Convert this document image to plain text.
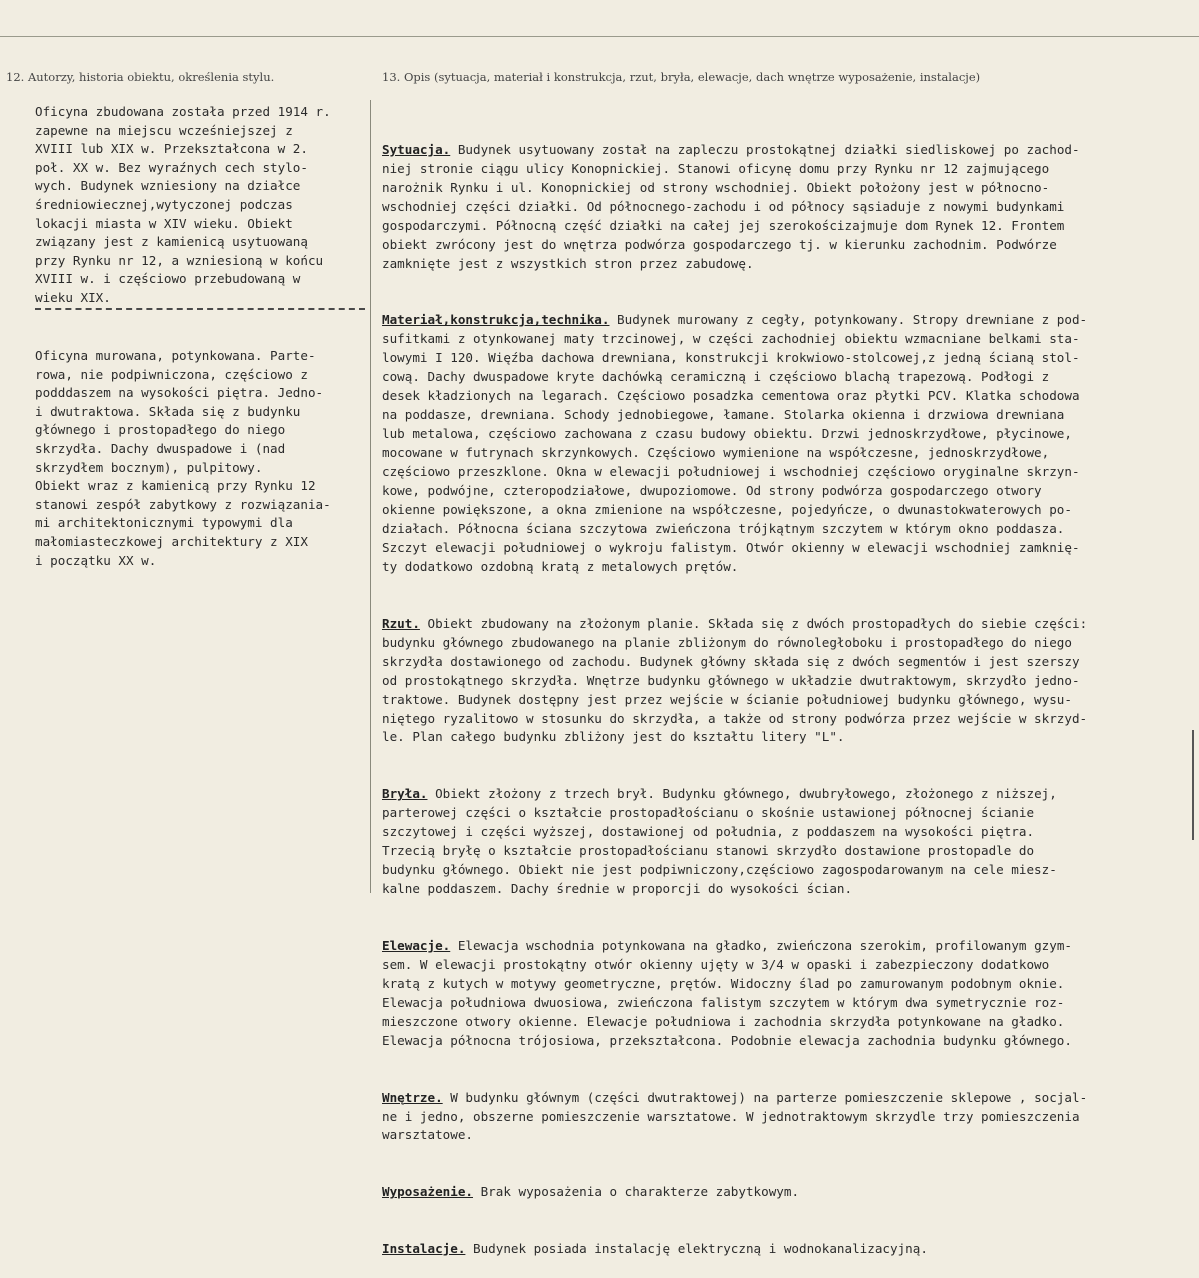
12. Autorzy, historia obiektu, określenia stylu.	13. Opis (sytuacja, materiał i konstrukcja, rzut, bryła, elewacje, dach wnętrze wyposażenie, instalacje)
Oficyna zbudowana została przed 1914 r.
zapewne na miejscu wcześniejszej z
XVIII lub XIX w. Przekształcona w 2.
poł. XX w. Bez wyraźnych cech stylo-
wych. Budynek wzniesiony na działce
średniowiecznej,wytyczonej podczas
lokacji miasta w XIV wieku. Obiekt
związany jest z kamienicą usytuowaną
przy Rynku nr 12, a wzniesioną w końcu
XVIII w. i częściowo przebudowaną w
wieku XIX.
Oficyna murowana, potynkowana. Parte-
rowa, nie podpiwniczona, częściowo z
podddaszem na wysokości piętra. Jedno-
i dwutraktowa. Składa się z budynku
głównego i prostopadłego do niego
skrzydła. Dachy dwuspadowe i (nad
skrzydłem bocznym), pulpitowy.
Obiekt wraz z kamienicą przy Rynku 12
stanowi zespół zabytkowy z rozwiązania-
mi architektonicznymi typowymi dla
małomiasteczkowej architektury z XIX
i początku XX w.

Sytuacja. Budynek usytuowany został na zapleczu prostokątnej działki siedliskowej po zachod-
niej stronie ciągu ulicy Konopnickiej. Stanowi oficynę domu przy Rynku nr 12 zajmującego
narożnik Rynku i ul. Konopnickiej od strony wschodniej. Obiekt położony jest w północno-
wschodniej części działki. Od północnego-zachodu i od północy sąsiaduje z nowymi budynkami
gospodarczymi. Północną część działki na całej jej szerokościzajmuje dom Rynek 12. Frontem
obiekt zwrócony jest do wnętrza podwórza gospodarczego tj. w kierunku zachodnim. Podwórze
zamknięte jest z wszystkich stron przez zabudowę.

Materiał,konstrukcja,technika. Budynek murowany z cegły, potynkowany. Stropy drewniane z pod-
sufitkami z otynkowanej maty trzcinowej, w części zachodniej obiektu wzmacniane belkami sta-
lowymi I 120. Więźba dachowa drewniana, konstrukcji krokwiowo-stolcowej,z jedną ścianą stol-
cową. Dachy dwuspadowe kryte dachówką ceramiczną i częściowo blachą trapezową. Podłogi z
desek kładzionych na legarach. Częściowo posadzka cementowa oraz płytki PCV. Klatka schodowa
na poddasze, drewniana. Schody jednobiegowe, łamane. Stolarka okienna i drzwiowa drewniana
lub metalowa, częściowo zachowana z czasu budowy obiektu. Drzwi jednoskrzydłowe, płycinowe,
mocowane w futrynach skrzynkowych. Częściowo wymienione na współczesne, jednoskrzydłowe,
częściowo przeszklone. Okna w elewacji południowej i wschodniej częściowo oryginalne skrzyn-
kowe, podwójne, czteropodziałowe, dwupoziomowe. Od strony podwórza gospodarczego otwory
okienne powiększone, a okna zmienione na współczesne, pojedyńcze, o dwunastokwaterowych po-
działach. Północna ściana szczytowa zwieńczona trójkątnym szczytem w którym okno poddasza.
Szczyt elewacji południowej o wykroju falistym. Otwór okienny w elewacji wschodniej zamknię-
ty dodatkowo ozdobną kratą z metalowych prętów.

Rzut. Obiekt zbudowany na złożonym planie. Składa się z dwóch prostopadłych do siebie części:
budynku głównego zbudowanego na planie zbliżonym do równoległoboku i prostopadłego do niego
skrzydła dostawionego od zachodu. Budynek główny składa się z dwóch segmentów i jest szerszy
od prostokątnego skrzydła. Wnętrze budynku głównego w układzie dwutraktowym, skrzydło jedno-
traktowe. Budynek dostępny jest przez wejście w ścianie południowej budynku głównego, wysu-
niętego ryzalitowo w stosunku do skrzydła, a także od strony podwórza przez wejście w skrzyd-
le. Plan całego budynku zbliżony jest do kształtu litery "L".

Bryła. Obiekt złożony z trzech brył. Budynku głównego, dwubryłowego, złożonego z niższej,
parterowej części o kształcie prostopadłościanu o skośnie ustawionej północnej ścianie
szczytowej i części wyższej, dostawionej od południa, z poddaszem na wysokości piętra.
Trzecią bryłę o kształcie prostopadłościanu stanowi skrzydło dostawione prostopadle do
budynku głównego. Obiekt nie jest podpiwniczony,częściowo zagospodarowanym na cele miesz-
kalne poddaszem. Dachy średnie w proporcji do wysokości ścian.

Elewacje. Elewacja wschodnia potynkowana na gładko, zwieńczona szerokim, profilowanym gzym-
sem. W elewacji prostokątny otwór okienny ujęty w 3/4 w opaski i zabezpieczony dodatkowo
kratą z kutych w motywy geometryczne, prętów. Widoczny ślad po zamurowanym podobnym oknie.
Elewacja południowa dwuosiowa, zwieńczona falistym szczytem w którym dwa symetrycznie roz-
mieszczone otwory okienne. Elewacje południowa i zachodnia skrzydła potynkowane na gładko.
Elewacja północna trójosiowa, przekształcona. Podobnie elewacja zachodnia budynku głównego.

Wnętrze. W budynku głównym (części dwutraktowej) na parterze pomieszczenie sklepowe , socjal-
ne i jedno, obszerne pomieszczenie warsztatowe. W jednotraktowym skrzydle trzy pomieszczenia
warsztatowe.

Wyposażenie. Brak wyposażenia o charakterze zabytkowym.

Instalacje. Budynek posiada instalację elektryczną i wodnokanalizacyjną.
